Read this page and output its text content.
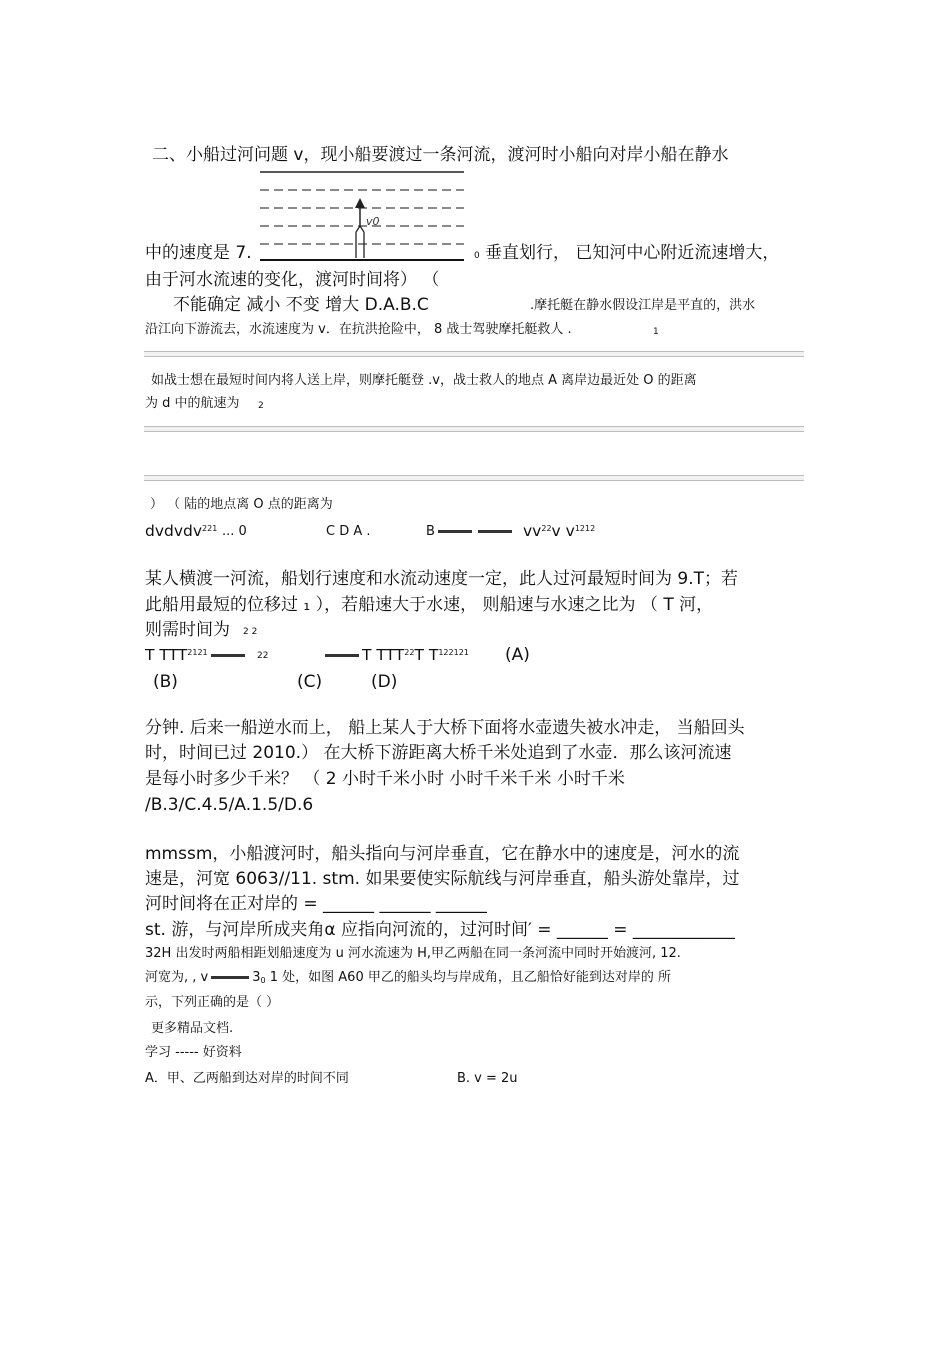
二、小船过河问题 v，现小船要渡过一条河流，渡河时小船向对岸小船在静水
v0
中的速度是 7.	0 垂直划行， 已知河中心附近流速增大，
由于河水流速的变化，渡河时间将） （
不能确定 减小 不变 增大 D.A.B.C	.摩托艇在静水假设江岸是平直的，洪水
沿江向下游流去，水流速度为 v．在抗洪抢险中， 8 战士驾驶摩托艇救人 .	1
如战士想在最短时间内将人送上岸，则摩托艇登 .v，战士救人的地点 A 离岸边最近处 O 的距离
为 d 中的航速为 2
） （ 陆的地点离 O 点的距离为
dvdvdv$^{221}$ ... 0	C D A .	B	$vv^{22}v$ $v^{1212}$
某人横渡一河流，船划行速度和水流动速度一定，此人过河最短时间为 9.T；若
此船用最短的位移过 ₁ ），若船速大于水速， 则船速与水速之比为 （ T 河，
则需时间为 2 2
T $TTT^{2121}$	22	T TTT$^{22}$T $T^{122121}$ (A)
(B)	(C)	(D)
分钟. 后来一船逆水而上， 船上某人于大桥下面将水壶遗失被水冲走， 当船回头
时，时间已过 2010.） 在大桥下游距离大桥千米处追到了水壶．那么该河流速
是每小时多少千米？ （ 2 小时千米小时 小时千米千米 小时千米
/B.3/C.4.5/A.1.5/D.6
mmssm，小船渡河时，船头指向与河岸垂直，它在静水中的速度是，河水的流
速是，河宽 6063//11. stm. 如果要使实际航线与河岸垂直，船头游处靠岸，过
河时间将在正对岸的 = ______ ______ ______
st. 游，与河岸所成夹角α 应指向河流的，过河时间′ = ______ = ____________
32H 出发时两船相距划船速度为 u 河水流速为 H,甲乙两船在同一条河流中同时开始渡河, 12.
河宽为, , v	30 1 处，如图 A60 甲乙的船头均与岸成角，且乙船恰好能到达对岸的 所
示，下列正确的是（ ）
更多精品文档.
学习 ----- 好资料
A．甲、乙两船到达对岸的时间不同	B. v = 2u
